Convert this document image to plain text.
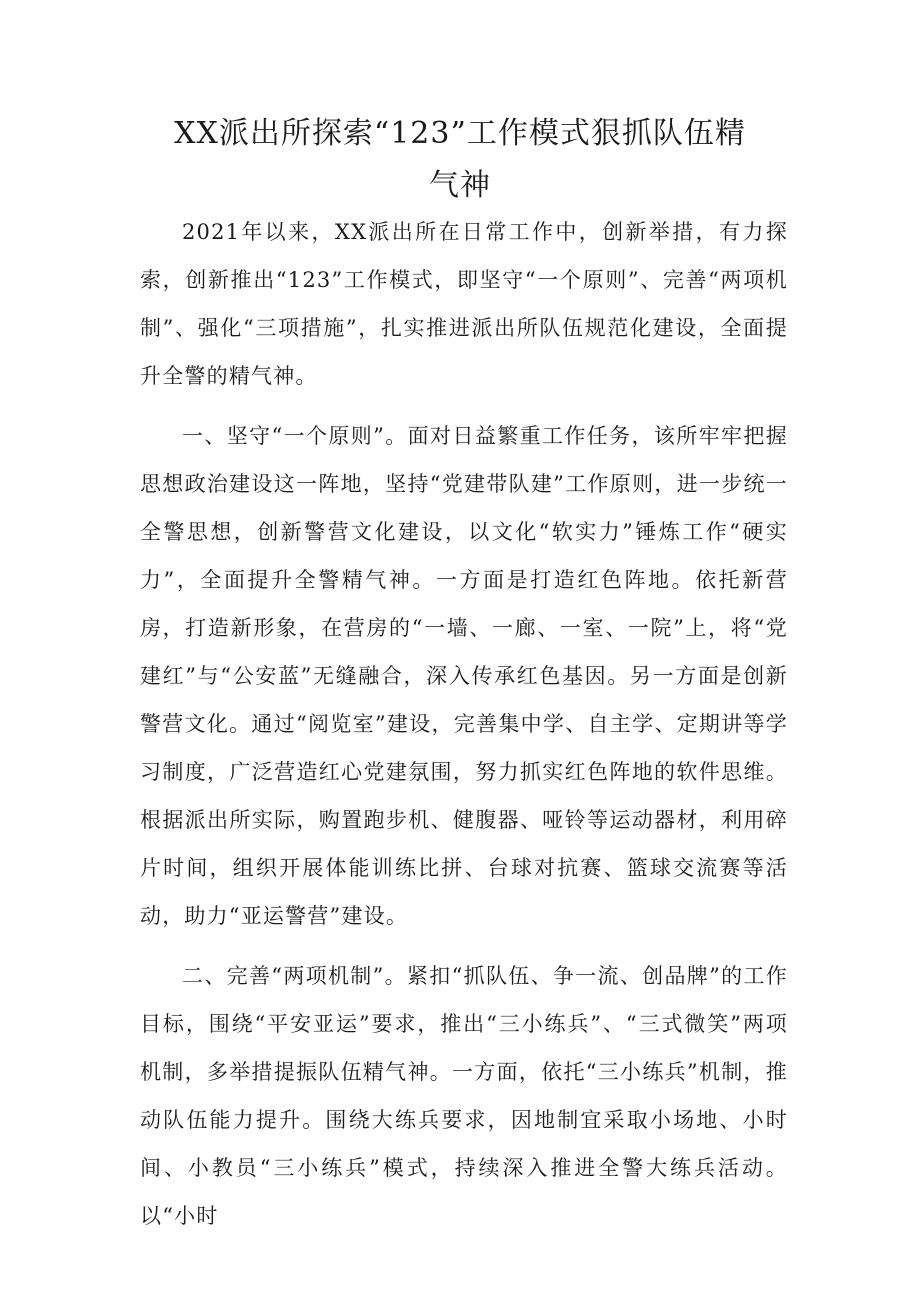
XX派出所探索“123”工作模式狠抓队伍精
气神

2021年以来，XX派出所在日常工作中，创新举措，有力探索，创新推出“123”工作模式，即坚守“一个原则”、完善“两项机制”、强化“三项措施”，扎实推进派出所队伍规范化建设，全面提升全警的精气神。

一、坚守“一个原则”。面对日益繁重工作任务，该所牢牢把握思想政治建设这一阵地，坚持“党建带队建”工作原则，进一步统一全警思想，创新警营文化建设，以文化“软实力”锤炼工作“硬实力”，全面提升全警精气神。一方面是打造红色阵地。依托新营房，打造新形象，在营房的“一墙、一廊、一室、一院”上，将“党建红”与“公安蓝”无缝融合，深入传承红色基因。另一方面是创新警营文化。通过“阅览室”建设，完善集中学、自主学、定期讲等学习制度，广泛营造红心党建氛围，努力抓实红色阵地的软件思维。根据派出所实际，购置跑步机、健腹器、哑铃等运动器材，利用碎片时间，组织开展体能训练比拼、台球对抗赛、篮球交流赛等活动，助力“亚运警营”建设。

二、完善“两项机制”。紧扣“抓队伍、争一流、创品牌”的工作目标，围绕“平安亚运”要求，推出“三小练兵”、“三式微笑”两项机制，多举措提振队伍精气神。一方面，依托“三小练兵”机制，推动队伍能力提升。围绕大练兵要求，因地制宜采取小场地、小时间、小教员“三小练兵”模式，持续深入推进全警大练兵活动。以“小时
